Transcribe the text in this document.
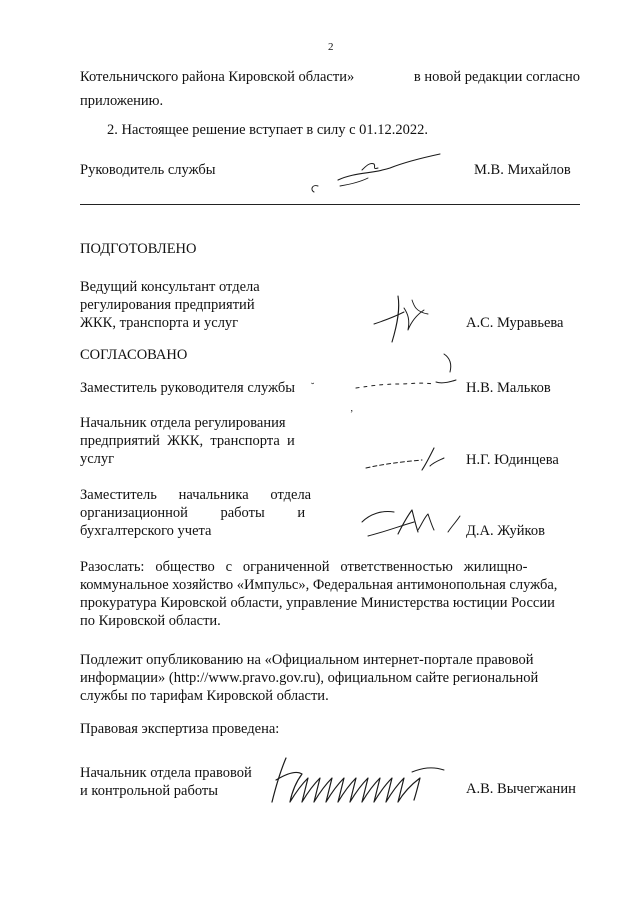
2
Котельничского района Кировской области»	в новой редакции согласно
приложению.
2. Настоящее решение вступает в силу с 01.12.2022.
Руководитель службы	М.В. Михайлов
ПОДГОТОВЛЕНО
Ведущий консультант отдела
регулирования предприятий
ЖКК, транспорта и услуг	А.С. Муравьева
СОГЛАСОВАНО
Заместитель руководителя службы ˘	Н.В. Мальков
ʼ
Начальник отдела регулирования
предприятий  ЖКК,  транспорта  и
услуг	Н.Г. Юдинцева
Заместитель      начальника      отдела
организационной         работы         и
бухгалтерского учета	Д.А. Жуйков
Разослать:   общество   с   ограниченной   ответственностью   жилищно-
коммунальное хозяйство «Импульс», Федеральная антимонопольная служба,
прокуратура Кировской области, управление Министерства юстиции России
по Кировской области.
Подлежит опубликованию на «Официальном интернет-портале правовой
информации» (http://www.pravo.gov.ru), официальном сайте региональной
службы по тарифам Кировской области.
Правовая экспертиза проведена:
Начальник отдела правовой
и контрольной работы	А.В. Вычегжанин
